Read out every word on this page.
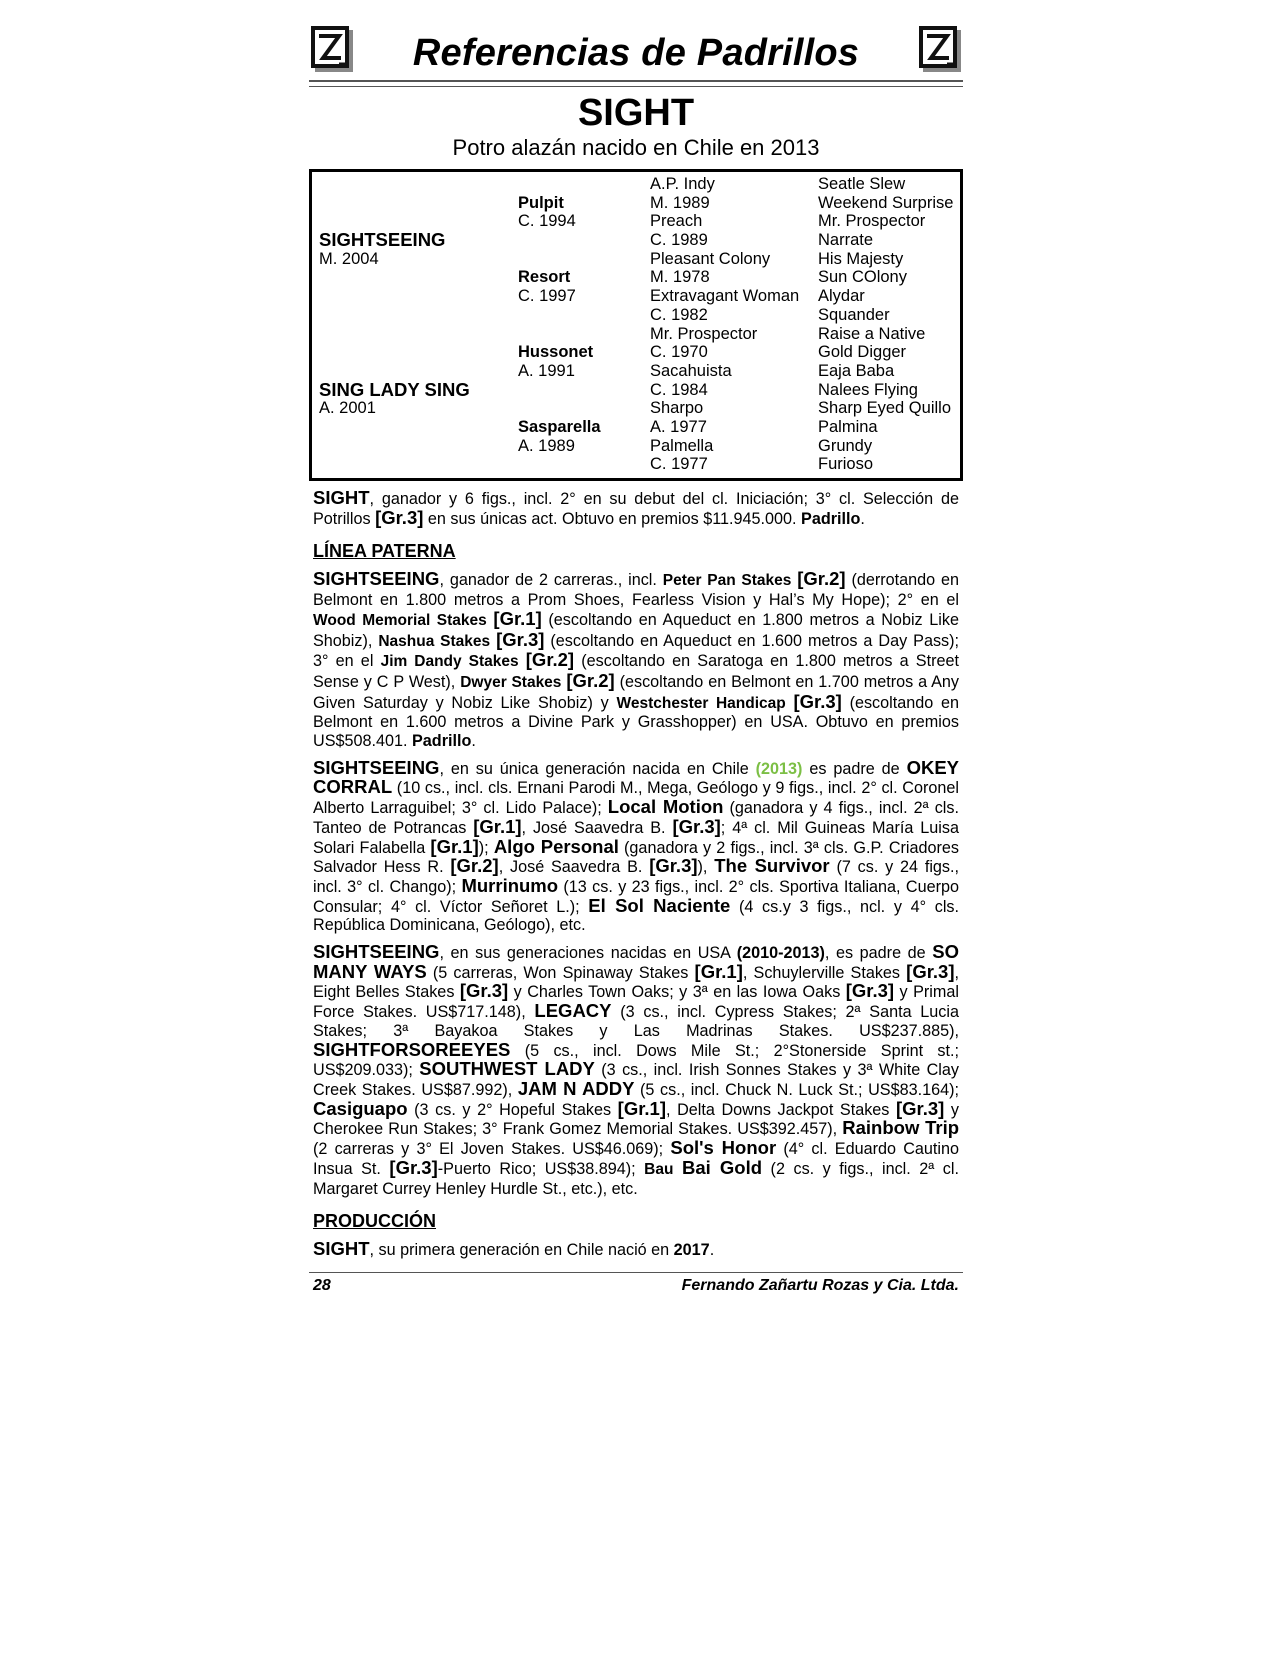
Referencias de Padrillos
SIGHT
Potro alazán nacido en Chile en 2013
SIGHTSEEING
M. 2004
SING LADY SING
A. 2001
Pulpit
C. 1994
Resort
C. 1997
Hussonet
A. 1991
Sasparella
A. 1989
A.P. Indy
M. 1989
Preach
C. 1989
Pleasant Colony
M. 1978
Extravagant Woman
C. 1982
Mr. Prospector
C. 1970
Sacahuista
C. 1984
Sharpo
A. 1977
Palmella
C. 1977
Seatle Slew
Weekend Surprise
Mr. Prospector
Narrate
His Majesty
Sun COlony
Alydar
Squander
Raise a Native
Gold Digger
Eaja Baba
Nalees Flying
Sharp Eyed Quillo
Palmina
Grundy
Furioso

SIGHT, ganador y 6 figs., incl. 2° en su debut del cl. Iniciación; 3° cl. Selección de Potrillos [Gr.3] en sus únicas act. Obtuvo en premios $11.945.000. Padrillo.

LÍNEA PATERNA

SIGHTSEEING, ganador de 2 carreras., incl. Peter Pan Stakes [Gr.2] (derrotando en Belmont en 1.800 metros a Prom Shoes, Fearless Vision y Hal’s My Hope); 2° en el Wood Memorial Stakes [Gr.1] (escoltando en Aqueduct en 1.800 metros a Nobiz Like Shobiz), Nashua Stakes [Gr.3] (escoltando en Aqueduct en 1.600 metros a Day Pass); 3° en el Jim Dandy Stakes [Gr.2] (escoltando en Saratoga en 1.800 metros a Street Sense y C P West), Dwyer Stakes [Gr.2] (escoltando en Belmont en 1.700 metros a Any Given Saturday y Nobiz Like Shobiz) y Westchester Handicap [Gr.3] (escoltando en Belmont en 1.600 metros a Divine Park y Grasshopper) en USA. Obtuvo en premios US$508.401. Padrillo.

SIGHTSEEING, en su única generación nacida en Chile (2013) es padre de OKEY CORRAL (10 cs., incl. cls. Ernani Parodi M., Mega, Geólogo y 9 figs., incl. 2° cl. Coronel Alberto Larraguibel; 3° cl. Lido Palace); Local Motion (ganadora y 4 figs., incl. 2ª cls. Tanteo de Potrancas [Gr.1], José Saavedra B. [Gr.3]; 4ª cl. Mil Guineas María Luisa Solari Falabella [Gr.1]); Algo Personal (ganadora y 2 figs., incl. 3ª cls. G.P. Criadores Salvador Hess R. [Gr.2], José Saavedra B. [Gr.3]), The Survivor (7 cs. y 24 figs., incl. 3° cl. Chango); Murrinumo (13 cs. y 23 figs., incl. 2° cls. Sportiva Italiana, Cuerpo Consular; 4° cl. Víctor Señoret L.); El Sol Naciente (4 cs.y 3 figs., ncl. y 4° cls. República Dominicana, Geólogo), etc.

SIGHTSEEING, en sus generaciones nacidas en USA (2010-2013), es padre de SO MANY WAYS (5 carreras, Won Spinaway Stakes [Gr.1], Schuylerville Stakes [Gr.3], Eight Belles Stakes [Gr.3] y Charles Town Oaks; y 3ª en las Iowa Oaks [Gr.3] y Primal Force Stakes. US$717.148), LEGACY (3 cs., incl. Cypress Stakes; 2ª Santa Lucia Stakes; 3ª Bayakoa Stakes y Las Madrinas Stakes. US$237.885), SIGHTFORSOREEYES (5 cs., incl. Dows Mile St.; 2°Stonerside Sprint st.; US$209.033); SOUTHWEST LADY (3 cs., incl. Irish Sonnes Stakes y 3ª White Clay Creek Stakes. US$87.992), JAM N ADDY (5 cs., incl. Chuck N. Luck St.; US$83.164); Casiguapo (3 cs. y 2° Hopeful Stakes [Gr.1], Delta Downs Jackpot Stakes [Gr.3] y Cherokee Run Stakes; 3° Frank Gomez Memorial Stakes. US$392.457), Rainbow Trip (2 carreras y 3° El Joven Stakes. US$46.069); Sol's Honor (4° cl. Eduardo Cautino Insua St. [Gr.3]-Puerto Rico; US$38.894); Bau Bai Gold (2 cs. y figs., incl. 2ª cl. Margaret Currey Henley Hurdle St., etc.), etc.

PRODUCCIÓN

SIGHT, su primera generación en Chile nació en 2017.

28	Fernando Zañartu Rozas y Cia. Ltda.
